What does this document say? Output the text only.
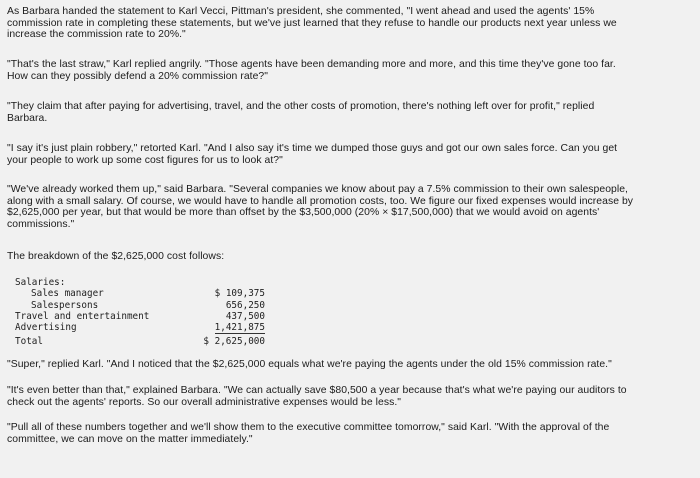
As Barbara handed the statement to Karl Vecci, Pittman's president, she commented, "I went ahead and used the agents' 15%
commission rate in completing these statements, but we've just learned that they refuse to handle our products next year unless we
increase the commission rate to 20%."

"That's the last straw," Karl replied angrily. "Those agents have been demanding more and more, and this time they've gone too far.
How can they possibly defend a 20% commission rate?"

"They claim that after paying for advertising, travel, and the other costs of promotion, there's nothing left over for profit," replied
Barbara.

"I say it's just plain robbery," retorted Karl. "And I also say it's time we dumped those guys and got our own sales force. Can you get
your people to work up some cost figures for us to look at?"

"We've already worked them up," said Barbara. "Several companies we know about pay a 7.5% commission to their own salespeople,
along with a small salary. Of course, we would have to handle all promotion costs, too. We figure our fixed expenses would increase by
$2,625,000 per year, but that would be more than offset by the $3,500,000 (20% × $17,500,000) that we would avoid on agents'
commissions."

The breakdown of the $2,625,000 cost follows:

Salaries:
Sales manager	$ 109,375
Salespersons	656,250
Travel and entertainment	437,500
Advertising	1,421,875
Total	$ 2,625,000

"Super," replied Karl. "And I noticed that the $2,625,000 equals what we're paying the agents under the old 15% commission rate."

"It's even better than that," explained Barbara. "We can actually save $80,500 a year because that's what we're paying our auditors to
check out the agents' reports. So our overall administrative expenses would be less."

"Pull all of these numbers together and we'll show them to the executive committee tomorrow," said Karl. "With the approval of the
committee, we can move on the matter immediately."
